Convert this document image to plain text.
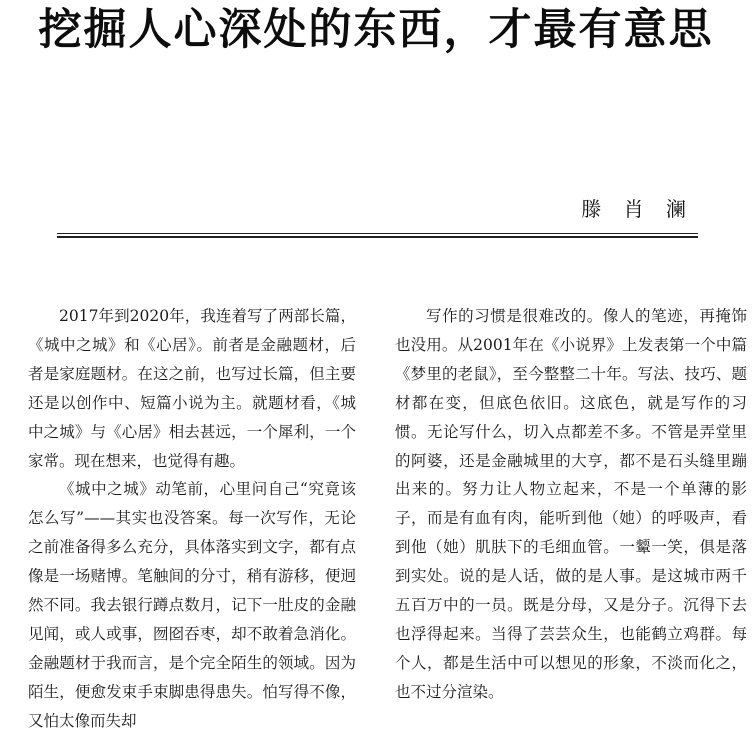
挖掘人心深处的东西，才最有意思
滕 肖 澜

2017年到2020年，我连着写了两部长篇，《城中之城》和《心居》。前者是金融题材，后者是家庭题材。在这之前，也写过长篇，但主要还是以创作中、短篇小说为主。就题材看，《城中之城》与《心居》相去甚远，一个犀利，一个家常。现在想来，也觉得有趣。

《城中之城》动笔前，心里问自己“究竟该怎么写”——其实也没答案。每一次写作，无论之前准备得多么充分，具体落实到文字，都有点像是一场赌博。笔触间的分寸，稍有游移，便迥然不同。我去银行蹲点数月，记下一肚皮的金融见闻，或人或事，囫囵吞枣，却不敢着急消化。金融题材于我而言，是个完全陌生的领域。因为陌生，便愈发束手束脚患得患失。怕写得不像，又怕太像而失却

写作的习惯是很难改的。像人的笔迹，再掩饰也没用。从2001年在《小说界》上发表第一个中篇《梦里的老鼠》，至今整整二十年。写法、技巧、题材都在变，但底色依旧。这底色，就是写作的习惯。无论写什么，切入点都差不多。不管是弄堂里的阿婆，还是金融城里的大亨，都不是石头缝里蹦出来的。努力让人物立起来，不是一个单薄的影子，而是有血有肉，能听到他（她）的呼吸声，看到他（她）肌肤下的毛细血管。一颦一笑，俱是落到实处。说的是人话，做的是人事。是这城市两千五百万中的一员。既是分母，又是分子。沉得下去也浮得起来。当得了芸芸众生，也能鹤立鸡群。每个人，都是生活中可以想见的形象，不淡而化之，也不过分渲染。
